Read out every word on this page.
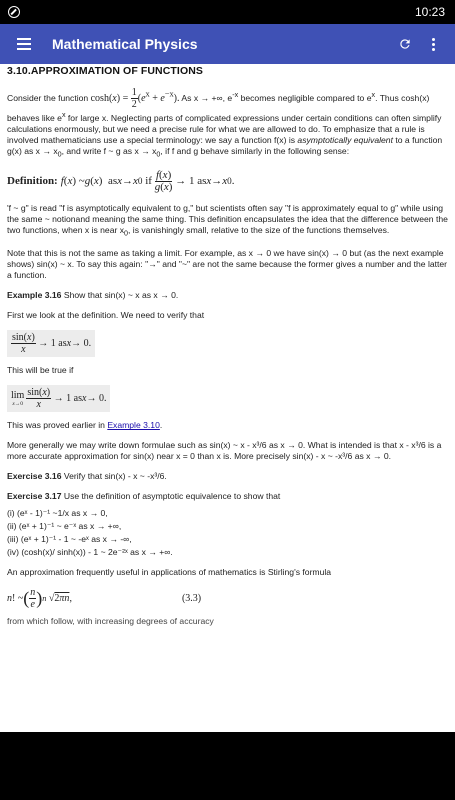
10:23
Mathematical Physics
3.10.APPROXIMATION OF FUNCTIONS

Consider the function $\cosh(x) = \frac{1}{2} (e^x + e^{-x})$. As x → +∞, $e^{-x}$ becomes negligible compared to $e^x$. Thus cosh(x) behaves like $e^x$ for large x. Neglecting parts of complicated expressions under certain conditions can often simplify calculations enormously, but we need a precise rule for what we are allowed to do. To emphasize that a rule is involved mathematicians use a special terminology: we say a function f(x) is asymptotically equivalent to a function g(x) as $x \to x_0$, and write f ~ g as $x \to x_0$, if f and g behave similarly in the following sense:

Definition: f ( x ) ~ g ( x )  as x → x 0 if $\frac{f(x)}{g(x)} \to 1$ as x → x 0 .

'f ~ g" is read "f is asymptotically equivalent to g," but scientists often say "f is approximately equal to g" while using the same ~ notionand meaning the same thing. This definition encapsulates the idea that the difference between the two functions, when x is near $x_0$, is vanishingly small, relative to the size of the functions themselves.

Note that this is not the same as taking a limit. For example, as x → 0 we have sin(x) → 0 but (as the next example shows) sin(x) ~ x. To say this again: "→" and "~" are not the same because the former gives a number and the latter a function.

Example 3.16 Show that sin(x) ~ x as x → 0.

First we look at the definition. We need to verify that

$\frac{\sin(x)}{x} \to 1$ as x → 0.

This will be true if

lim
$x\to 0 \frac{\sin(x)}{x} \to 1$ as x → 0.

This was proved earlier in Example 3.10.

More generally we may write down formulae such as sin(x) ~ x - x³/6 as x → 0. What is intended is that x - x³/6 is a more accurate approximation for sin(x) near x = 0 than x is. More precisely sin(x) - x ~ -x³/6 as x → 0.

Exercise 3.16 Verify that sin(x) - x ~ -x³/6.

Exercise 3.17 Use the definition of asymptotic equivalence to show that

(i) (eˣ - 1)⁻¹ ~1/x as x → 0,
(ii) (eˣ + 1)⁻¹ ~ e⁻ˣ as x → +∞,
(iii) (eˣ + 1)⁻¹ - 1 ~ -eˣ as x → -∞,
(iv) (cosh(x)/ sinh(x)) - 1 ~ 2e⁻²ˣ as x → +∞.

An approximation frequently useful in applications of mathematics is Stirling's formula

n ! ~ ( $\frac{n}{e}$ ) n √ 2πn ,	(3.3)

from which follow, with increasing degrees of accuracy
